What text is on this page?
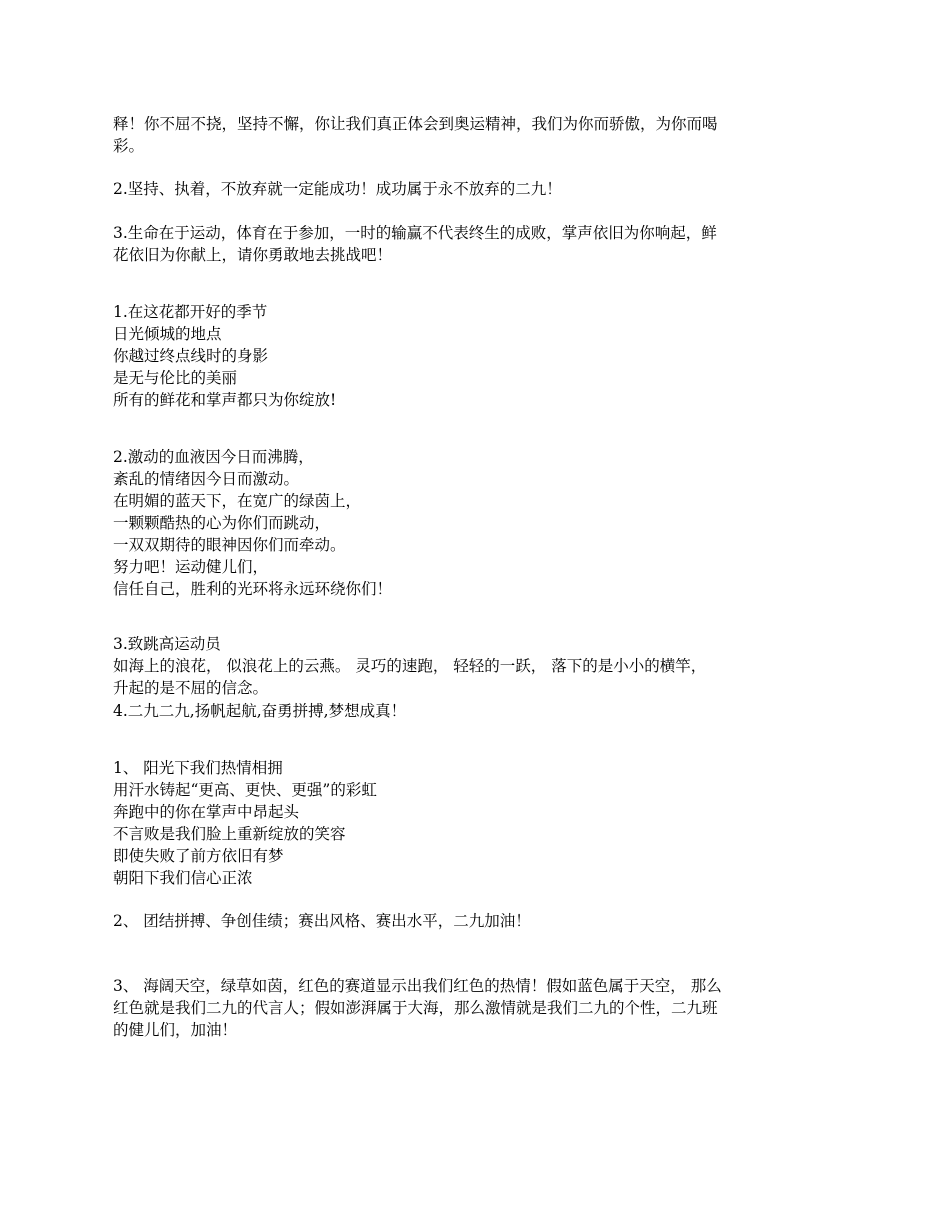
释！你不屈不挠，坚持不懈，你让我们真正体会到奥运精神，我们为你而骄傲，为你而喝
彩。
2.坚持、执着，不放弃就一定能成功！成功属于永不放弃的二九！
3.生命在于运动，体育在于参加，一时的输赢不代表终生的成败，掌声依旧为你响起，鲜
花依旧为你献上，请你勇敢地去挑战吧！
1.在这花都开好的季节
日光倾城的地点
你越过终点线时的身影
是无与伦比的美丽
所有的鲜花和掌声都只为你绽放!
2.激动的血液因今日而沸腾，
紊乱的情绪因今日而激动。
在明媚的蓝天下，在宽广的绿茵上，
一颗颗酷热的心为你们而跳动，
一双双期待的眼神因你们而牵动。
努力吧！运动健儿们，
信任自己，胜利的光环将永远环绕你们！
3.致跳高运动员
如海上的浪花， 似浪花上的云燕。 灵巧的速跑， 轻轻的一跃， 落下的是小小的横竿，
升起的是不屈的信念。
4.二九二九,扬帆起航,奋勇拼搏,梦想成真！
1、 阳光下我们热情相拥
用汗水铸起“更高、更快、更强”的彩虹
奔跑中的你在掌声中昂起头
不言败是我们脸上重新绽放的笑容
即使失败了前方依旧有梦
朝阳下我们信心正浓
2、 团结拼搏、争创佳绩；赛出风格、赛出水平，二九加油！
3、 海阔天空，绿草如茵，红色的赛道显示出我们红色的热情！假如蓝色属于天空， 那么
红色就是我们二九的代言人；假如澎湃属于大海，那么激情就是我们二九的个性，二九班
的健儿们，加油！
